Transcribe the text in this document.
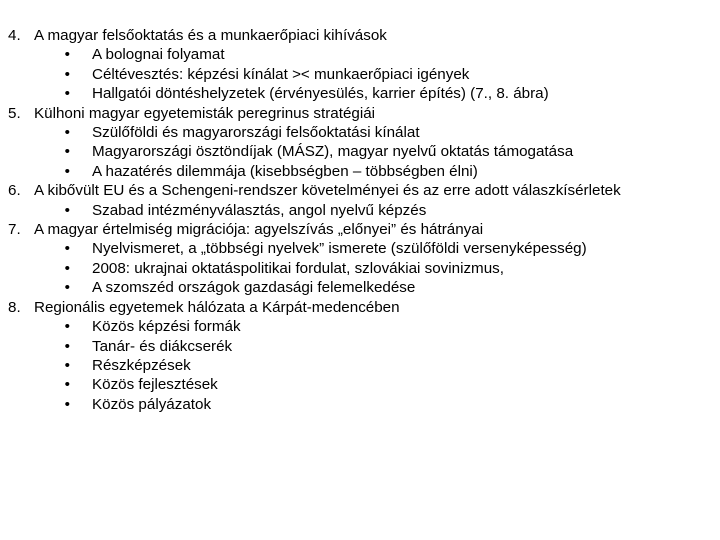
4. A magyar felsőoktatás és a munkaerőpiaci kihívások
•	A bolognai folyamat
•	Céltévesztés: képzési kínálat >< munkaerőpiaci igények
•	Hallgatói döntéshelyzetek (érvényesülés, karrier építés) (7., 8. ábra)
5. Külhoni magyar egyetemisták peregrinus stratégiái
•	Szülőföldi és magyarországi felsőoktatási kínálat
•	Magyarországi ösztöndíjak (MÁSZ), magyar nyelvű oktatás támogatása
•	A hazatérés dilemmája (kisebbségben – többségben élni)
6. A kibővült EU és a Schengeni-rendszer követelményei és az erre adott válaszkísérletek
•	Szabad intézményválasztás, angol nyelvű képzés
7. A magyar értelmiség migrációja: agyelszívás „előnyei” és hátrányai
•	Nyelvismeret, a „többségi nyelvek” ismerete (szülőföldi versenyképesség)
•	2008: ukrajnai oktatáspolitikai fordulat, szlovákiai sovinizmus,
•	A szomszéd országok gazdasági felemelkedése
8. Regionális egyetemek hálózata a Kárpát-medencében
•	Közös képzési formák
•	Tanár- és diákcserék
•	Részképzések
•	Közös fejlesztések
•	Közös pályázatok
